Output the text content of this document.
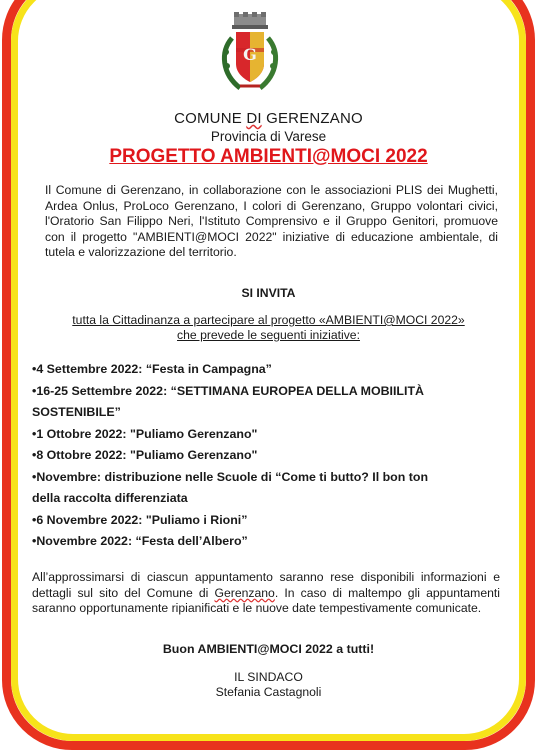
G
COMUNE DI GERENZANO
Provincia di Varese
PROGETTO AMBIENTI@MOCI 2022
Il Comune di Gerenzano, in collaborazione con le associazioni PLIS dei Mughetti, Ardea Onlus, ProLoco Gerenzano, I colori di Gerenzano, Gruppo volontari civici, l'Oratorio San Filippo Neri, l'Istituto Comprensivo e il Gruppo Genitori, promuove con il progetto "AMBIENTI@MOCI 2022" iniziative di educazione ambientale, di tutela e valorizzazione del territorio.
SI INVITA
tutta la Cittadinanza a partecipare al progetto «AMBIENTI@MOCI 2022»
che prevede le seguenti iniziative:
•4 Settembre 2022: “Festa in Campagna”
•16-25 Settembre 2022: “SETTIMANA EUROPEA DELLA MOBIILITÀ
SOSTENIBILE”
•1 Ottobre 2022: "Puliamo Gerenzano"
•8 Ottobre 2022: "Puliamo Gerenzano"
•Novembre: distribuzione nelle Scuole di “Come ti butto? Il bon ton
della raccolta differenziata
•6 Novembre 2022: "Puliamo i Rioni”
•Novembre 2022: “Festa dell’Albero”
All’approssimarsi di ciascun appuntamento saranno rese disponibili informazioni e dettagli sul sito del Comune di Gerenzano. In caso di maltempo gli appuntamenti saranno opportunamente ripianificati e le nuove date tempestivamente comunicate.
Buon AMBIENTI@MOCI 2022 a tutti!
IL SINDACO
Stefania Castagnoli
